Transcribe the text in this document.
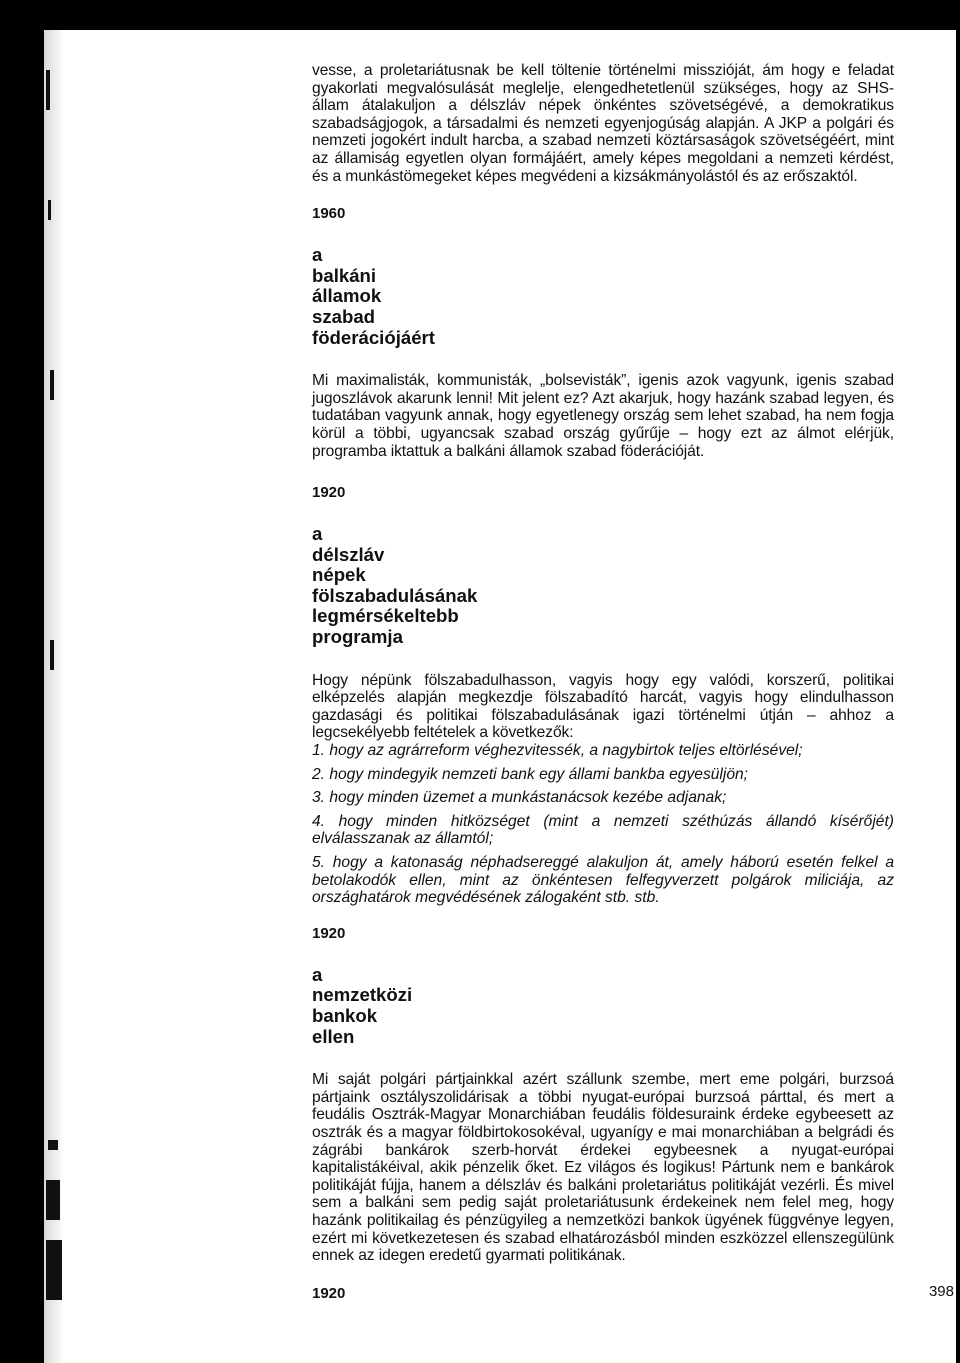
vesse, a proletariátusnak be kell töltenie történelmi misszióját, ám hogy e feladat gyakorlati megvalósulását meglelje, elengedhetetlenül szükséges, hogy az SHS-állam átalakuljon a délszláv népek önkéntes szövetségévé, a demokratikus szabadságjogok, a társadalmi és nemzeti egyenjogúság alapján. A JKP a polgári és nemzeti jogokért indult harcba, a szabad nemzeti köztársaságok szövetségéért, mint az államiság egyetlen olyan formájáért, amely képes megoldani a nemzeti kérdést, és a munkástömegeket képes megvédeni a kizsákmányolástól és az erőszaktól.

1960
a
balkáni
államok
szabad
föderációjáért

Mi maximalisták, kommunisták, „bolsevisták”, igenis azok vagyunk, igenis szabad jugoszlávok akarunk lenni! Mit jelent ez? Azt akarjuk, hogy hazánk szabad legyen, és tudatában vagyunk annak, hogy egyetlenegy ország sem lehet szabad, ha nem fogja körül a többi, ugyancsak szabad ország gyűrűje – hogy ezt az álmot elérjük, programba iktattuk a balkáni államok szabad föderációját.

1920
a
délszláv
népek
fölszabadulásának
legmérsékeltebb
programja

Hogy népünk fölszabadulhasson, vagyis hogy egy valódi, korszerű, politikai elképzelés alapján megkezdje fölszabadító harcát, vagyis hogy elindulhasson gazdasági és politikai fölszabadulásának igazi történelmi útján – ahhoz a legcsekélyebb feltételek a következők:

1. hogy az agrárreform véghezvitessék, a nagybirtok teljes eltörlésével;
2. hogy mindegyik nemzeti bank egy állami bankba egyesüljön;
3. hogy minden üzemet a munkástanácsok kezébe adjanak;
4. hogy minden hitközséget (mint a nemzeti széthúzás állandó kísérőjét) elválasszanak az államtól;
5. hogy a katonaság néphadsereggé alakuljon át, amely háború esetén felkel a betolakodók ellen, mint az önkéntesen felfegyverzett polgárok miliciája, az országhatárok megvédésének zálogaként stb. stb.
1920
a
nemzetközi
bankok
ellen

Mi saját polgári pártjainkkal azért szállunk szembe, mert eme polgári, burzsoá pártjaink osztályszolidárisak a többi nyugat-európai burzsoá párttal, és mert a feudális Osztrák-Magyar Monarchiában feudális földesuraink érdeke egybeesett az osztrák és a magyar földbirtokosokéval, ugyanígy e mai monarchiában a belgrádi és zágrábi bankárok szerb-horvát érdekei egybeesnek a nyugat-európai kapitalistákéival, akik pénzelik őket. Ez világos és logikus! Pártunk nem e bankárok politikáját fújja, hanem a délszláv és balkáni proletariátus politikáját vezérli. És mivel sem a balkáni sem pedig saját proletariátusunk érdekeinek nem felel meg, hogy hazánk politikailag és pénzügyileg a nemzetközi bankok ügyének függvénye legyen, ezért mi következetesen és szabad elhatározásból minden eszközzel ellenszegülünk ennek az idegen eredetű gyarmati politikának.

1920	398
